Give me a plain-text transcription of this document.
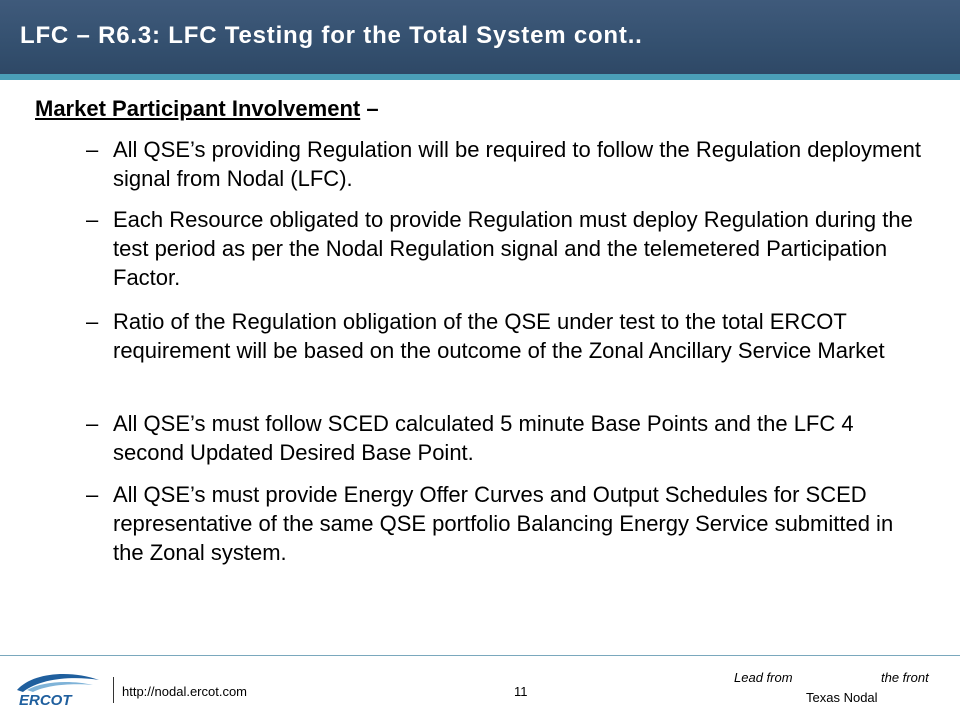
LFC – R6.3: LFC Testing for the Total System cont..
Market Participant Involvement –
– All QSE’s providing Regulation will be required to follow the Regulation deployment signal from Nodal (LFC).
– Each Resource obligated to provide Regulation must deploy Regulation during the test period as per the Nodal Regulation signal and the telemetered Participation Factor.
– Ratio of the Regulation obligation of the QSE under test to the total ERCOT requirement will be based on the outcome of the Zonal Ancillary Service Market
– All QSE’s must follow SCED calculated 5 minute Base Points and the LFC 4 second Updated Desired Base Point.
– All QSE’s must provide Energy Offer Curves and Output Schedules for SCED representative of the same QSE portfolio Balancing Energy Service submitted in the Zonal system.
ERCOT
http://nodal.ercot.com	11
Lead from	the front
Texas Nodal
